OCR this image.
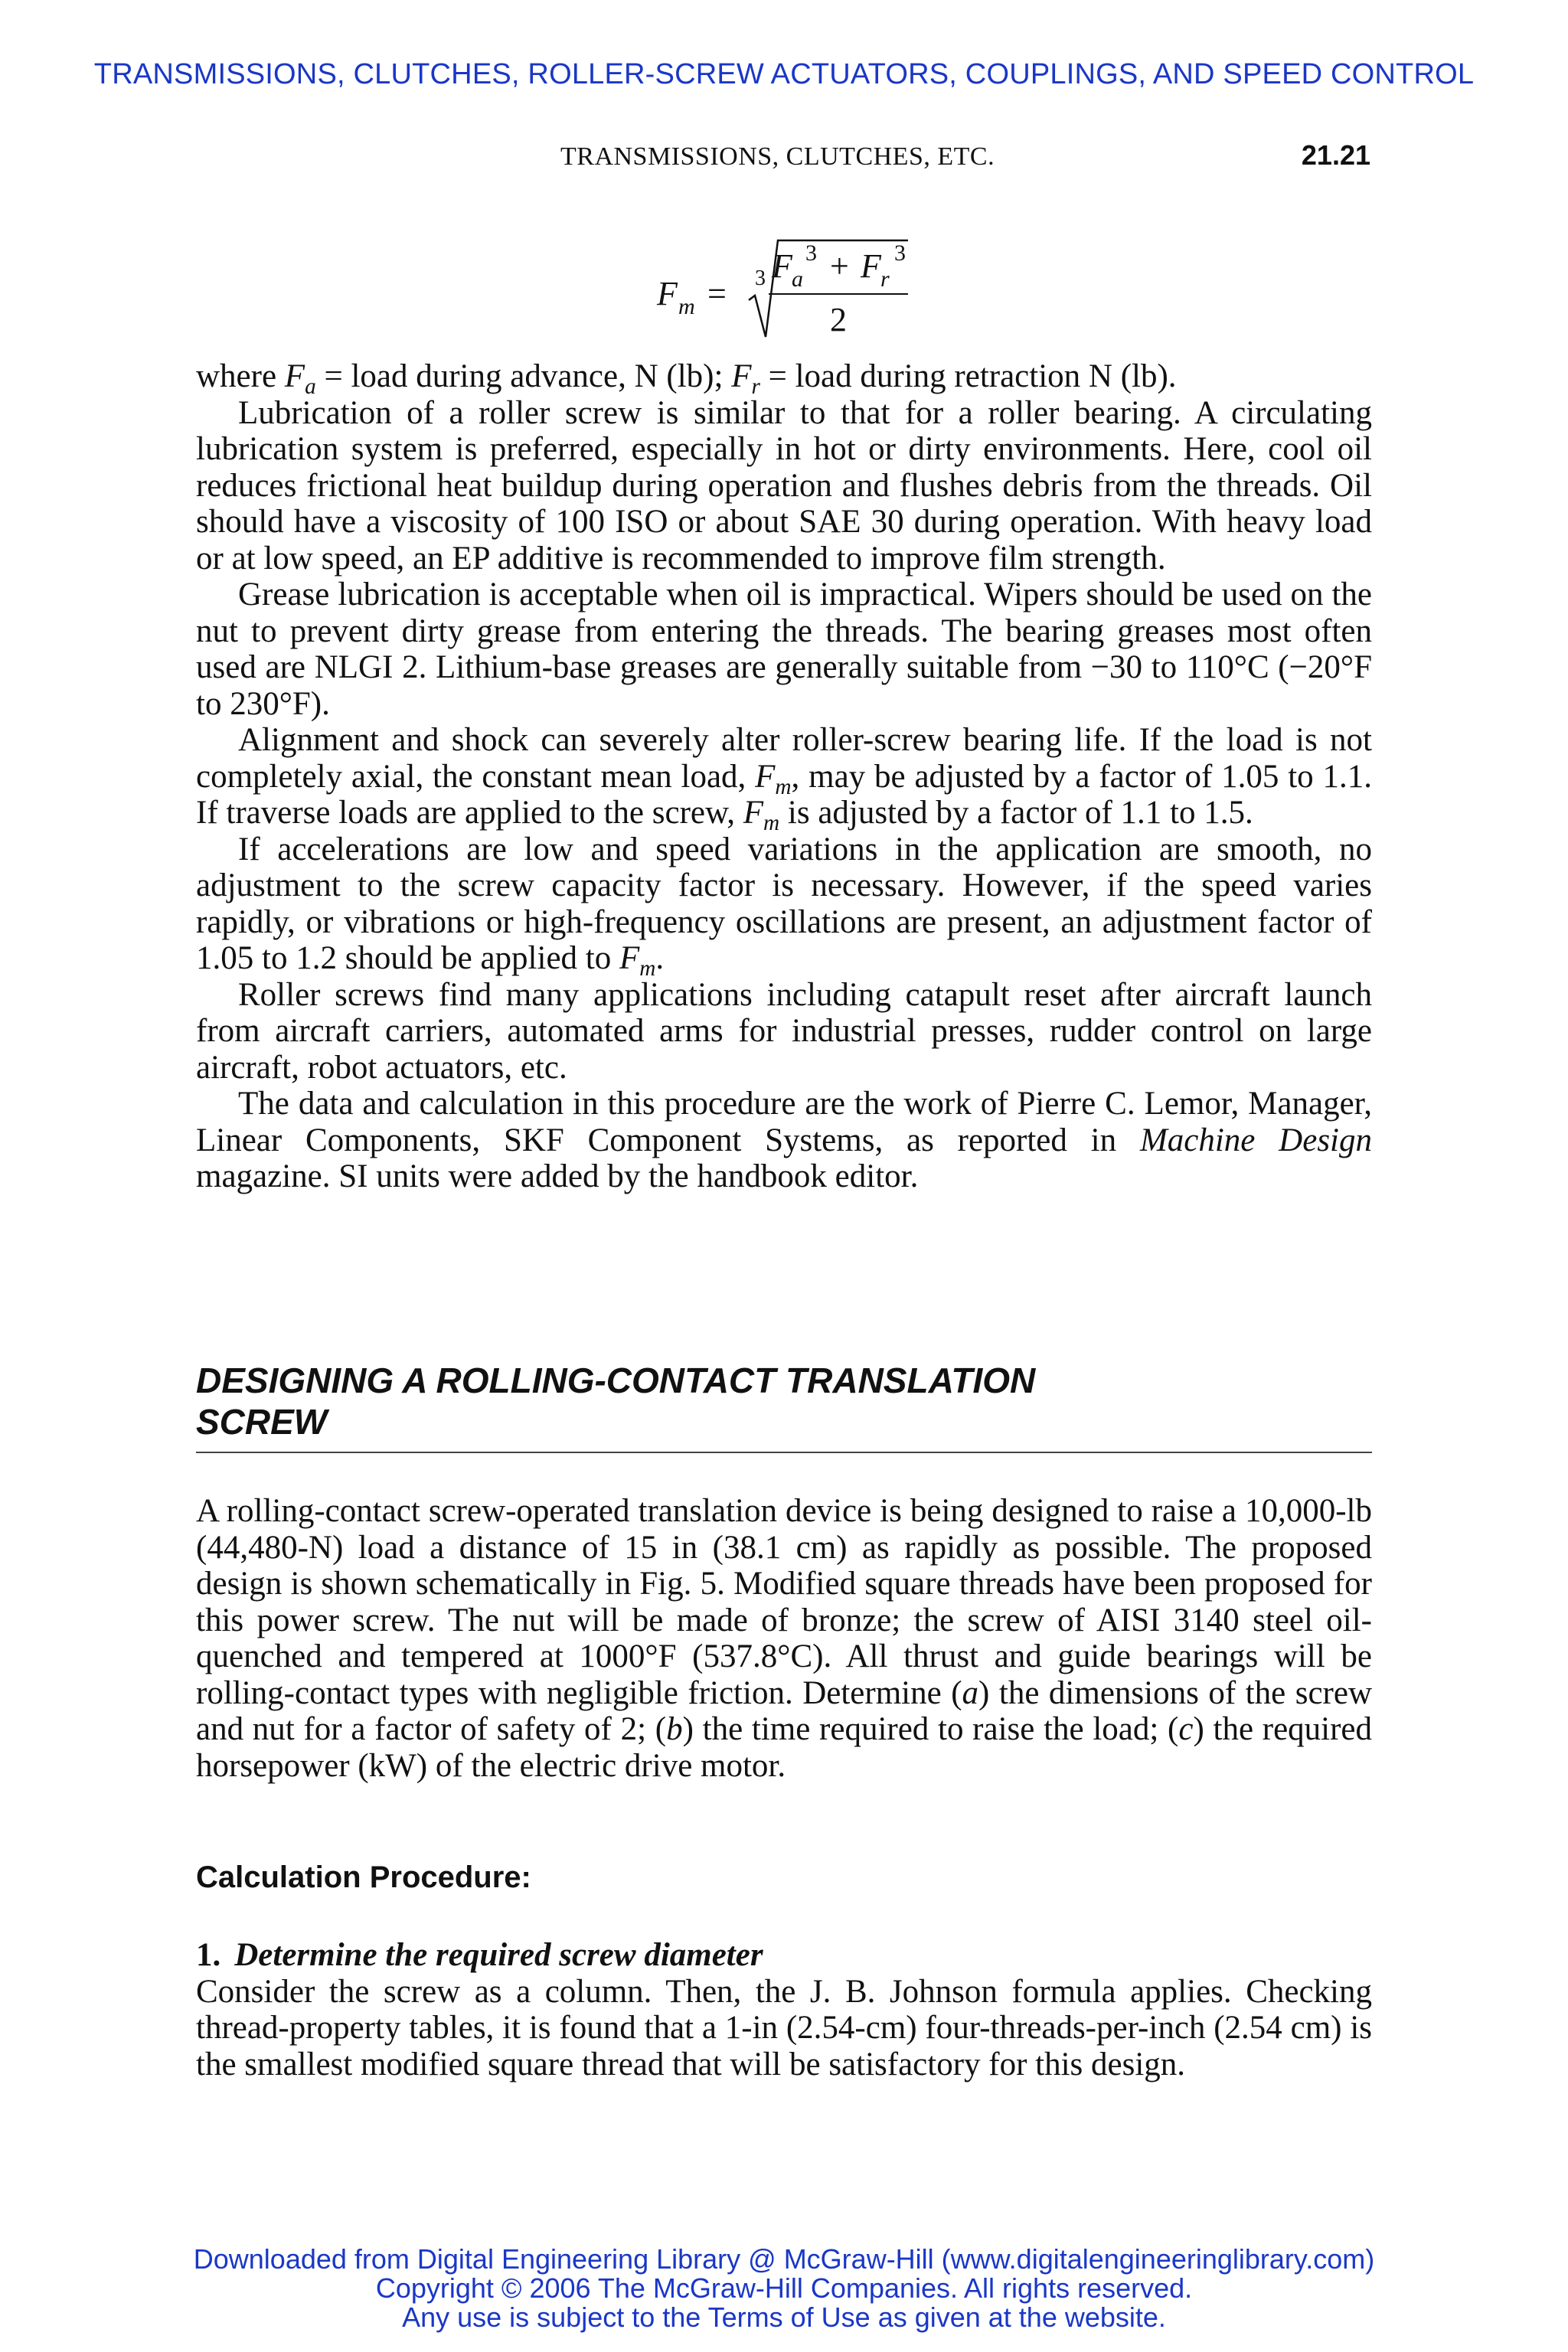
TRANSMISSIONS, CLUTCHES, ROLLER-SCREW ACTUATORS, COUPLINGS, AND SPEED CONTROL
TRANSMISSIONS, CLUTCHES, ETC.	21.21
F m = 3 F a
3 + F r
3
2

where $F_a$ = load during advance, N (lb); $F_r$ = load during retraction N (lb).

Lubrication of a roller screw is similar to that for a roller bearing. A circulating lubrication system is preferred, especially in hot or dirty environments. Here, cool oil reduces frictional heat buildup during operation and flushes debris from the threads. Oil should have a viscosity of 100 ISO or about SAE 30 during operation. With heavy load or at low speed, an EP additive is recommended to improve film strength.

Grease lubrication is acceptable when oil is impractical. Wipers should be used on the nut to prevent dirty grease from entering the threads. The bearing greases most often used are NLGI 2. Lithium-base greases are generally suitable from −30 to 110°C (−20°F to 230°F).

Alignment and shock can severely alter roller-screw bearing life. If the load is not completely axial, the constant mean load, $F_m$, may be adjusted by a factor of 1.05 to 1.1. If traverse loads are applied to the screw, $F_m$ is adjusted by a factor of 1.1 to 1.5.

If accelerations are low and speed variations in the application are smooth, no adjustment to the screw capacity factor is necessary. However, if the speed varies rapidly, or vibrations or high-frequency oscillations are present, an adjustment factor of 1.05 to 1.2 should be applied to $F_m$.

Roller screws find many applications including catapult reset after aircraft launch from aircraft carriers, automated arms for industrial presses, rudder control on large aircraft, robot actuators, etc.

The data and calculation in this procedure are the work of Pierre C. Lemor, Manager, Linear Components, SKF Component Systems, as reported in Machine Design magazine. SI units were added by the handbook editor.

DESIGNING A ROLLING-CONTACT TRANSLATION
SCREW

A rolling-contact screw-operated translation device is being designed to raise a 10,000-lb (44,480-N) load a distance of 15 in (38.1 cm) as rapidly as possible. The proposed design is shown schematically in Fig. 5. Modified square threads have been proposed for this power screw. The nut will be made of bronze; the screw of AISI 3140 steel oil-quenched and tempered at 1000°F (537.8°C). All thrust and guide bearings will be rolling-contact types with negligible friction. Determine (a) the dimensions of the screw and nut for a factor of safety of 2; (b) the time required to raise the load; (c) the required horsepower (kW) of the electric drive motor.

Calculation Procedure:

1. Determine the required screw diameter

Consider the screw as a column. Then, the J. B. Johnson formula applies. Checking thread-property tables, it is found that a 1-in (2.54-cm) four-threads-per-inch (2.54 cm) is the smallest modified square thread that will be satisfactory for this design.

Downloaded from Digital Engineering Library @ McGraw-Hill (www.digitalengineeringlibrary.com)
Copyright © 2006 The McGraw-Hill Companies. All rights reserved.
Any use is subject to the Terms of Use as given at the website.
